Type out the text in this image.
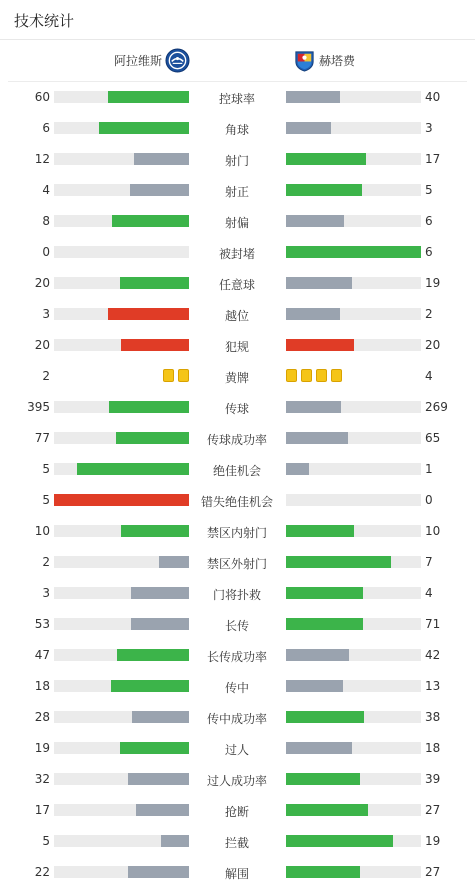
技术统计
阿拉维斯	赫塔费
60	控球率	40
6	角球	3
12	射门	17
4	射正	5
8	射偏	6
0	被封堵	6
20	任意球	19
3	越位	2
20	犯规	20
2	黄牌	4
395	传球	269
77	传球成功率	65
5	绝佳机会	1
5	错失绝佳机会	0
10	禁区内射门	10
2	禁区外射门	7
3	门将扑救	4
53	长传	71
47	长传成功率	42
18	传中	13
28	传中成功率	38
19	过人	18
32	过人成功率	39
17	抢断	27
5	拦截	19
22	解围	27
